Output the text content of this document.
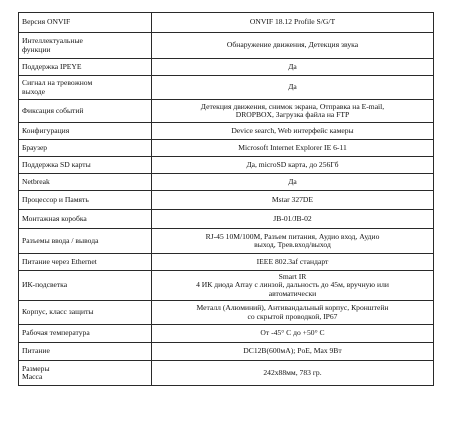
Версия ONVIF	ONVIF 18.12 Profile S/G/T

Интеллектуальные
функции	Обнаружение движения, Детекция звука

Поддержка IPEYE	Да

Сигнал на тревожном
выходе	Да

Фиксация событий	Детекция движения, снимок экрана, Отправка на E-mail,
DROPBOX, Загрузка файла на FTP

Конфигурация	Device search, Web интерфейс камеры

Браузер	Microsoft Internet Explorer IE 6-11

Поддержка SD карты	Да, microSD карта, до 256Гб

Netbreak	Да

Процессор и Память	Mstar 327DE

Монтажная коробка	JB-01/JB-02

Разъемы ввода / вывода	RJ-45 10M/100M, Разъем питания, Аудио вход, Аудио
выход, Трев.вход/выход

Питание через Ethernet	IEEE 802.3af стандарт

ИК-подсветка	Smart IR
4 ИК диода Array с линзой, дальность до 45м, вручную или
автоматически

Корпус, класс защиты	Металл (Алюминий), Антивандальный корпус, Кронштейн
со скрытой проводкой, IP67

Рабочая температура	От -45° С до +50° С

Питание	DC12В(600мА); PoE, Max 9Вт

Размеры
Масса	242x88мм, 783 гр.
